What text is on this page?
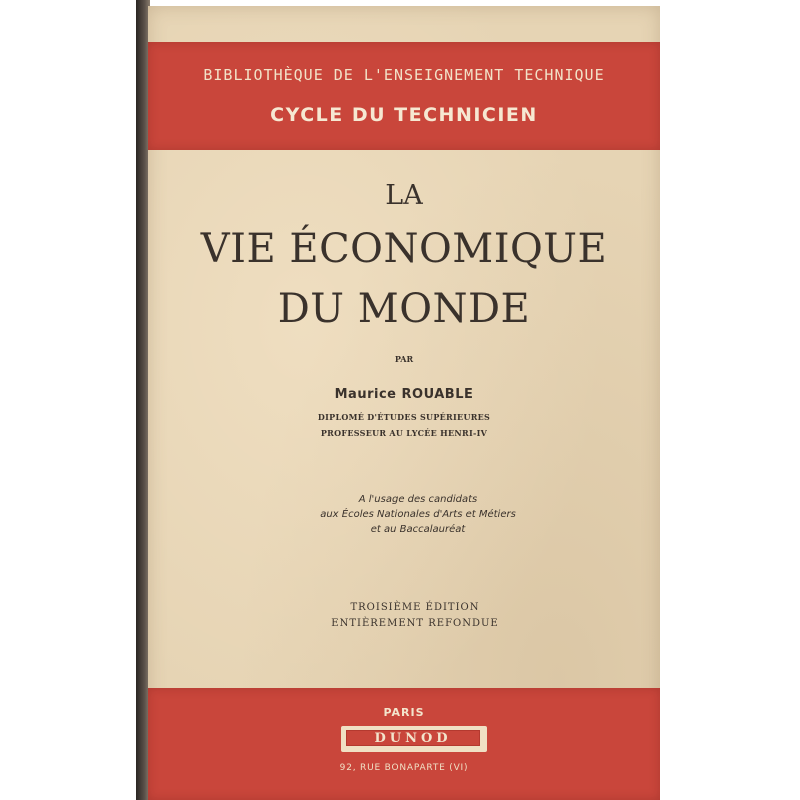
BIBLIOTHÈQUE DE L'ENSEIGNEMENT TECHNIQUE
CYCLE DU TECHNICIEN
LA
VIE ÉCONOMIQUE
DU MONDE
PAR
Maurice ROUABLE
DIPLOMÉ D'ÉTUDES SUPÉRIEURES
PROFESSEUR AU LYCÉE HENRI-IV
A l'usage des candidats
aux Écoles Nationales d'Arts et Métiers
et au Baccalauréat
TROISIÈME ÉDITION
ENTIÈREMENT REFONDUE
PARIS
DUNOD
92, RUE BONAPARTE (VI)
